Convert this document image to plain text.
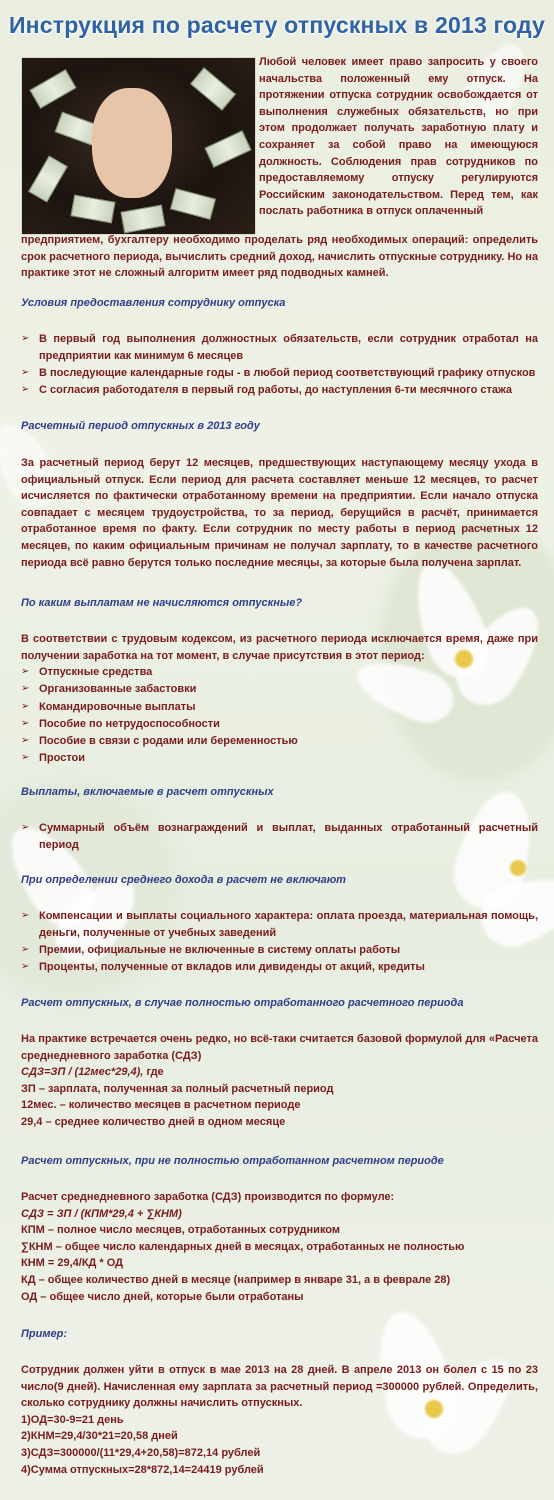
Инструкция по расчету отпускных в 2013 году
Любой человек имеет право запросить у своего начальства положенный ему отпуск. На протяжении отпуска сотрудник освобождается от выполнения служебных обязательств, но при этом продолжает получать заработную плату и сохраняет за собой право на имеющуюся должность. Соблюдения прав сотрудников по предоставляемому отпуску регулируются Российским законодательством. Перед тем, как послать работника в отпуск оплаченный
предприятием, бухгалтеру необходимо проделать ряд необходимых операций: определить срок расчетного периода, вычислить средний доход, начислить отпускные сотруднику. Но на практике этот не сложный алгоритм имеет ряд подводных камней.
Условия предоставления сотруднику отпуска
➢ В первый год выполнения должностных обязательств, если сотрудник отработал на предприятии как минимум 6 месяцев
➢ В последующие календарные годы - в любой период соответствующий графику отпусков
➢ С согласия работодателя в первый год работы, до наступления 6-ти месячного стажа
Расчетный период отпускных в 2013 году

За расчетный период берут 12 месяцев, предшествующих наступающему месяцу ухода в официальный отпуск. Если период для расчета составляет меньше 12 месяцев, то расчет исчисляется по фактически отработанному времени на предприятии. Если начало отпуска совпадает с месяцем трудоустройства, то за период, берущийся в расчёт, принимается отработанное время по факту. Если сотрудник по месту работы в период расчетных 12 месяцев, по каким официальным причинам не получал зарплату, то в качестве расчетного периода всё равно берутся только последние месяцы, за которые была получена зарплат.

По каким выплатам не начисляются отпускные?

В соответствии с трудовым кодексом, из расчетного периода исключается время, даже при получении заработка на тот момент, в случае присутствия в этот период:

➢ Отпускные средства
➢ Организованные забастовки
➢ Командировочные выплаты
➢ Пособие по нетрудоспособности
➢ Пособие в связи с родами или беременностью
➢ Простои
Выплаты, включаемые в расчет отпускных
➢ Суммарный объём вознаграждений и выплат, выданных отработанный расчетный период
При определении среднего дохода в расчет не включают
➢ Компенсации и выплаты социального характера: оплата проезда, материальная помощь, деньги, полученные от учебных заведений
➢ Премии, официальные не включенные в систему оплаты работы
➢ Проценты, полученные от вкладов или дивиденды от акций, кредиты
Расчет отпускных, в случае полностью отработанного расчетного периода

На практике встречается очень редко, но всё-таки считается базовой формулой для «Расчета среднедневного заработка (СДЗ)

СДЗ=ЗП / (12мес*29,4), где
ЗП – зарплата, полученная за полный расчетный период
12мес. – количество месяцев в расчетном периоде
29,4 – среднее количество дней в одном месяце
Расчет отпускных, при не полностью отработанном расчетном периоде
Расчет среднедневного заработка (СДЗ) производится по формуле:
СДЗ = ЗП / (КПМ*29,4 + ∑КНМ)
КПМ – полное число месяцев, отработанных сотрудником
∑КНМ – общее число календарных дней в месяцах, отработанных не полностью
КНМ = 29,4/КД * ОД
КД – общее количество дней в месяце (например в январе 31, а в феврале 28)
ОД – общее число дней, которые были отработаны
Пример:

Сотрудник должен уйти в отпуск в мае 2013 на 28 дней. В апреле 2013 он болел с 15 по 23 число(9 дней). Начисленная ему зарплата за расчетный период =300000 рублей. Определить, сколько сотруднику должны начислить отпускных.

1)ОД=30-9=21 день
2)КНМ=29,4/30*21=20,58 дней
3)СДЗ=300000/(11*29,4+20,58)=872,14 рублей
4)Сумма отпускных=28*872,14=24419 рублей
